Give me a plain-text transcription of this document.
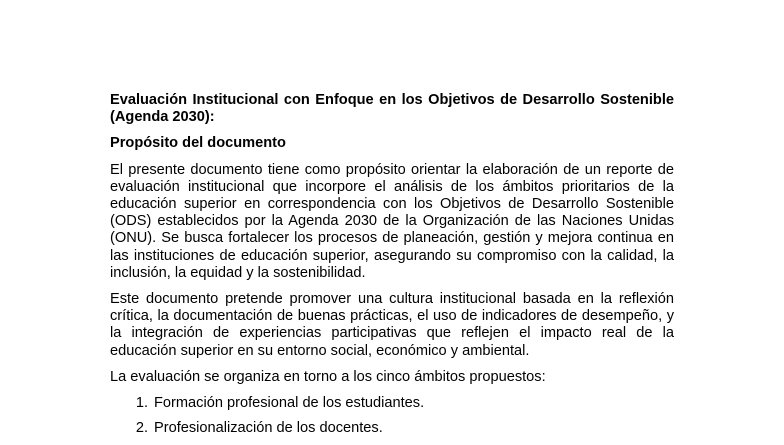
Evaluación Institucional con Enfoque en los Objetivos de Desarrollo Sostenible (Agenda 2030):
Propósito del documento

El presente documento tiene como propósito orientar la elaboración de un reporte de evaluación institucional que incorpore el análisis de los ámbitos prioritarios de la educación superior en correspondencia con los Objetivos de Desarrollo Sostenible (ODS) establecidos por la Agenda 2030 de la Organización de las Naciones Unidas (ONU). Se busca fortalecer los procesos de planeación, gestión y mejora continua en las instituciones de educación superior, asegurando su compromiso con la calidad, la inclusión, la equidad y la sostenibilidad.

Este documento pretende promover una cultura institucional basada en la reflexión crítica, la documentación de buenas prácticas, el uso de indicadores de desempeño, y la integración de experiencias participativas que reflejen el impacto real de la educación superior en su entorno social, económico y ambiental.

La evaluación se organiza en torno a los cinco ámbitos propuestos:

1. Formación profesional de los estudiantes.
2. Profesionalización de los docentes.
